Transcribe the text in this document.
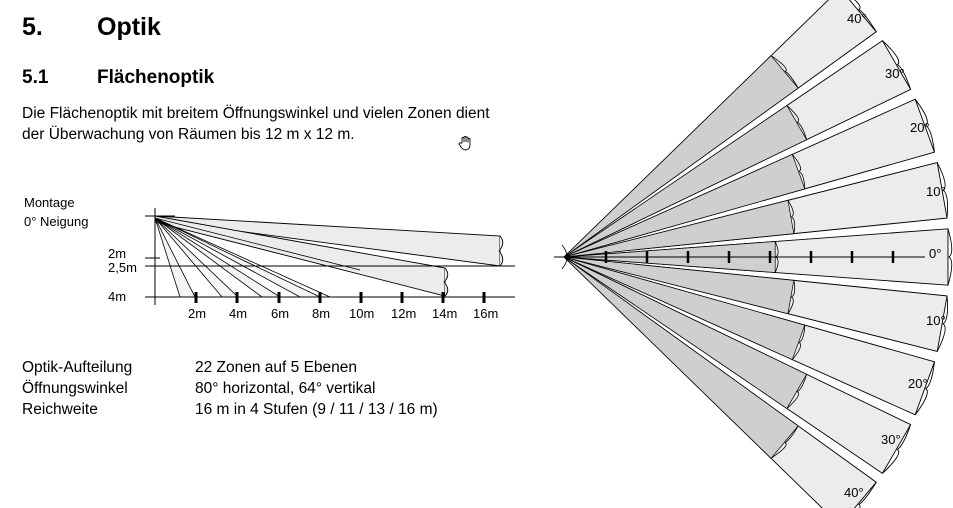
5. Optik
5.1	Flächenoptik
Die Flächenoptik mit breitem Öffnungswinkel und vielen Zonen dient
der Überwachung von Räumen bis 12 m x 12 m.
Montage
0° Neigung
2m
2,5m
4m
2m 4m 6m 8m 10m 12m 14m 16m
40°
30°
20°
10°
0°
10°
20°
30°
40°
Optik-Aufteilung	22 Zonen auf 5 Ebenen
Öffnungswinkel	80° horizontal, 64° vertikal
Reichweite	16 m in 4 Stufen (9 / 11 / 13 / 16 m)
